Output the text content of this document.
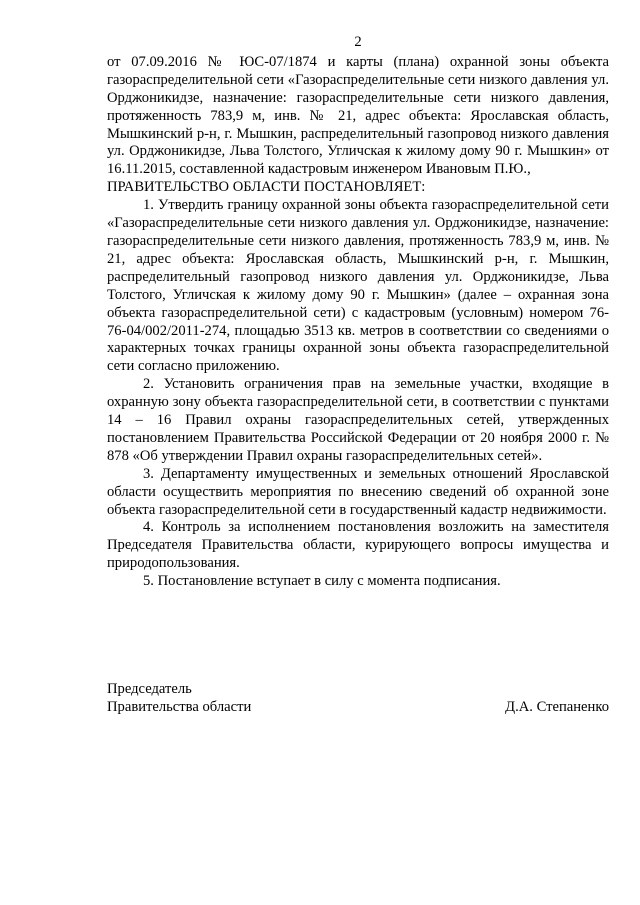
2

от 07.09.2016 № ЮС-07/1874 и карты (плана) охранной зоны объекта газораспределительной сети «Газораспределительные сети низкого давления ул. Орджоникидзе, назначение: газораспределительные сети низкого давления, протяженность 783,9 м, инв. № 21, адрес объекта: Ярославская область, Мышкинский р-н, г. Мышкин, распределительный газопровод низкого давления ул. Орджоникидзе, Льва Толстого, Угличская к жилому дому 90 г. Мышкин» от 16.11.2015, составленной кадастровым инженером Ивановым П.Ю.,

ПРАВИТЕЛЬСТВО ОБЛАСТИ ПОСТАНОВЛЯЕТ:

1. Утвердить границу охранной зоны объекта газораспределительной сети «Газораспределительные сети низкого давления ул. Орджоникидзе, назначение: газораспределительные сети низкого давления, протяженность 783,9 м, инв. № 21, адрес объекта: Ярославская область, Мышкинский р-н, г. Мышкин, распределительный газопровод низкого давления ул. Орджоникидзе, Льва Толстого, Угличская к жилому дому 90 г. Мышкин» (далее – охранная зона объекта газораспределительной сети) с кадастровым (условным) номером 76-76-04/002/2011-274, площадью 3513 кв. метров в соответствии со сведениями о характерных точках границы охранной зоны объекта газораспределительной сети согласно приложению.

2. Установить ограничения прав на земельные участки, входящие в охранную зону объекта газораспределительной сети, в соответствии с пунктами 14 – 16 Правил охраны газораспределительных сетей, утвержденных постановлением Правительства Российской Федерации от 20 ноября 2000 г. № 878 «Об утверждении Правил охраны газораспределительных сетей».

3. Департаменту имущественных и земельных отношений Ярославской области осуществить мероприятия по внесению сведений об охранной зоне объекта газораспределительной сети в государственный кадастр недвижимости.

4. Контроль за исполнением постановления возложить на заместителя Председателя Правительства области, курирующего вопросы имущества и природопользования.

5. Постановление вступает в силу с момента подписания.

Председатель
Правительства области	Д.А. Степаненко
